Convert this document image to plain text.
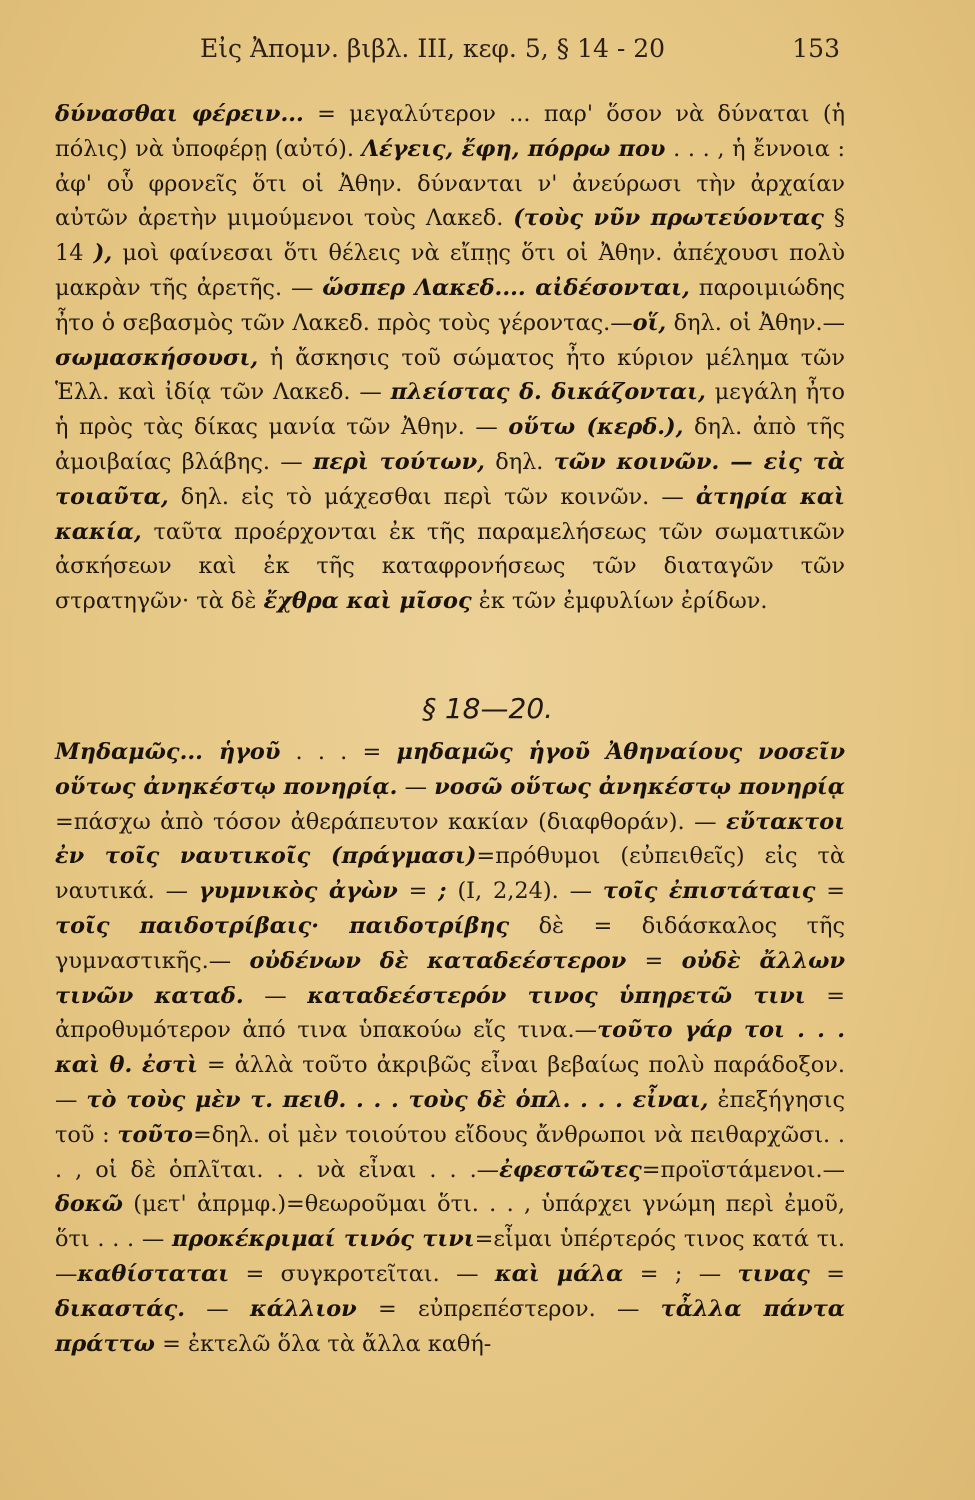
Εἰς Ἀπομν. βιβλ. ΙΙΙ, κεφ. 5, § 14 - 20	153

δύνασθαι φέρειν... = μεγαλύτερον ... παρ' ὅσον νὰ δύναται (ἡ πόλις) νὰ ὑποφέρῃ (αὐτό). Λέγεις, ἔφη, πόρρω που . . . , ἡ ἔννοια : ἀφ' οὗ φρονεῖς ὅτι οἱ Ἀθην. δύνανται ν' ἀνεύρωσι τὴν ἀρχαίαν αὐτῶν ἀρετὴν μιμούμενοι τοὺς Λακεδ. (τοὺς νῦν πρωτεύοντας § 14 ), μοὶ φαίνεσαι ὅτι θέλεις νὰ εἴπῃς ὅτι οἱ Ἀθην. ἀπέχουσι πολὺ μακρὰν τῆς ἀρετῆς. — ὥσπερ Λακεδ.... αἰδέσονται, παροιμιώδης ἦτο ὁ σεβασμὸς τῶν Λακεδ. πρὸς τοὺς γέροντας.—οἵ, δηλ. οἱ Ἀθην.—σωμασκήσουσι, ἡ ἄσκησις τοῦ σώματος ἦτο κύριον μέλημα τῶν Ἑλλ. καὶ ἰδίᾳ τῶν Λακεδ. — πλείστας δ. δικάζονται, μεγάλη ἦτο ἡ πρὸς τὰς δίκας μανία τῶν Ἀθην. — οὕτω (κερδ.), δηλ. ἀπὸ τῆς ἀμοιβαίας βλάβης. — περὶ τούτων, δηλ. τῶν κοινῶν. — εἰς τὰ τοιαῦτα, δηλ. εἰς τὸ μάχεσθαι περὶ τῶν κοινῶν. — ἀτηρία καὶ κακία, ταῦτα προέρχονται ἐκ τῆς παραμελήσεως τῶν σωματικῶν ἀσκήσεων καὶ ἐκ τῆς καταφρονήσεως τῶν διαταγῶν τῶν στρατηγῶν· τὰ δὲ ἔχθρα καὶ μῖσος ἐκ τῶν ἐμφυλίων ἐρίδων.

§ 18—20.

Μηδαμῶς... ἡγοῦ . . . = μηδαμῶς ἡγοῦ Ἀθηναίους νοσεῖν οὕτως ἀνηκέστῳ πονηρίᾳ. — νοσῶ οὕτως ἀνηκέστῳ πονηρίᾳ =πάσχω ἀπὸ τόσον ἀθεράπευτον κακίαν (διαφθοράν). — εὔτακτοι ἐν τοῖς ναυτικοῖς (πράγμασι)=πρόθυμοι (εὐπειθεῖς) εἰς τὰ ναυτικά. — γυμνικὸς ἀγὼν = ; (Ι, 2,24). — τοῖς ἐπιστάταις = τοῖς παιδοτρίβαις· παιδοτρίβης δὲ = διδάσκαλος τῆς γυμναστικῆς.— οὐδένων δὲ καταδεέστερον = οὐδὲ ἄλλων τινῶν καταδ. — καταδεέστερόν τινος ὑπηρετῶ τινι = ἀπροθυμότερον ἀπό τινα ὑπακούω εἴς τινα.—τοῦτο γάρ τοι . . . καὶ θ. ἐστὶ = ἀλλὰ τοῦτο ἀκριβῶς εἶναι βεβαίως πολὺ παράδοξον. — τὸ τοὺς μὲν τ. πειθ. . . . τοὺς δὲ ὁπλ. . . . εἶναι, ἐπεξήγησις τοῦ : τοῦτο=δηλ. οἱ μὲν τοιούτου εἴδους ἄνθρωποι νὰ πειθαρχῶσι. . . , οἱ δὲ ὁπλῖται. . . νὰ εἶναι . . .—ἐφεστῶτες=προϊστάμενοι.—δοκῶ (μετ' ἀπρμφ.)=θεωροῦμαι ὅτι. . . , ὑπάρχει γνώμη περὶ ἐμοῦ, ὅτι . . . — προκέκριμαί τινός τινι=εἶμαι ὑπέρτερός τινος κατά τι.—καθίσταται = συγκροτεῖται. — καὶ μάλα = ; — τινας = δικαστάς. — κάλλιον = εὐπρεπέστερον. — τἆλλα πάντα πράττω = ἐκτελῶ ὅλα τὰ ἄλλα καθή-
